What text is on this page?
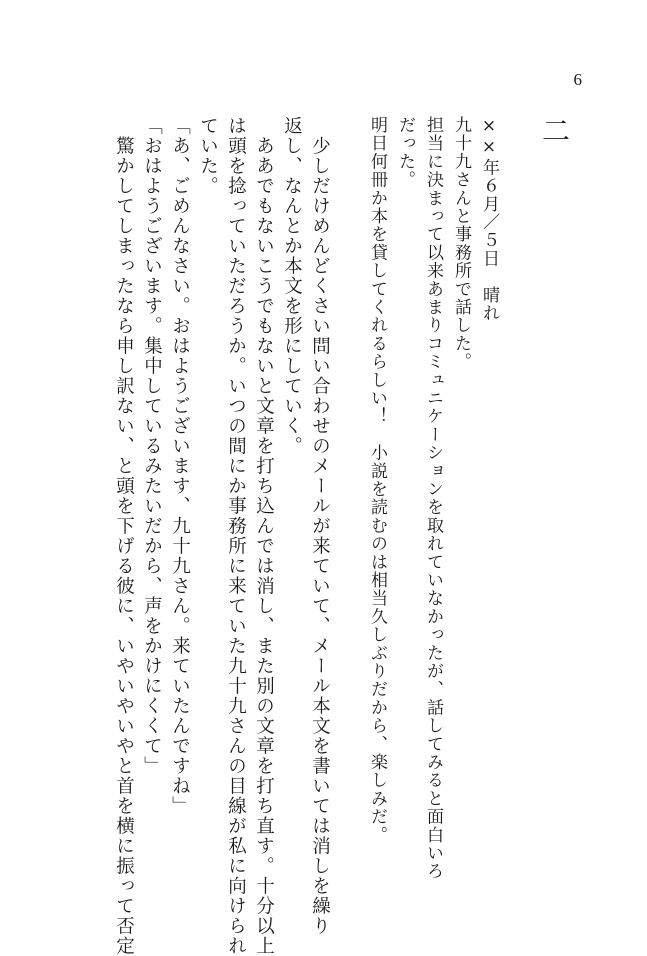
6
二
××年６月／５日　晴れ
九十九さんと事務所で話した。
担当に決まって以来あまりコミュニケーションを取れていなかったが、話してみると面白いろ
だった。
明日何冊か本を貸してくれるらしい！　小説を読むのは相当久しぶりだから、楽しみだ。
　少しだけめんどくさい問い合わせのメールが来ていて、メール本文を書いては消しを繰り
返し、なんとか本文を形にしていく。
　ああでもないこうでもないと文章を打ち込んでは消し、また別の文章を打ち直す。十分以上
は頭を捻っていただろうか。いつの間にか事務所に来ていた九十九さんの目線が私に向けられ
ていた。
「あ、ごめんなさい。おはようございます、九十九さん。来ていたんですね」
「おはようございます。集中しているみたいだから、声をかけにくくて」
　驚かしてしまったなら申し訳ない、と頭を下げる彼に、いやいやいやと首を横に振って否定
